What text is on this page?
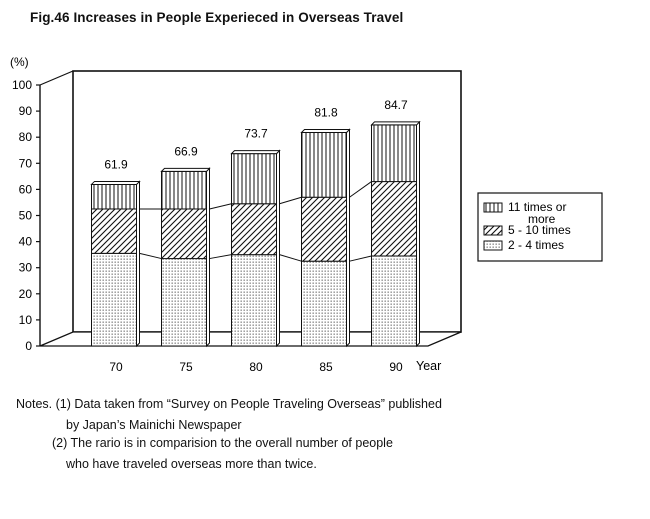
Fig.46 Increases in People Experieced in Overseas Travel
0
10
20
30
40
50
60
70
80
90
100
(%)
61.9
70
66.9
75
73.7
80
81.8
85
84.7
90 Year
11 times or
more
5 - 10 times
2 - 4 times
Notes. (1) Data taken from “Survey on People Traveling Overseas” published
by Japan’s Mainichi Newspaper
(2) The rario is in comparision to the overall number of people
who have traveled overseas more than twice.
